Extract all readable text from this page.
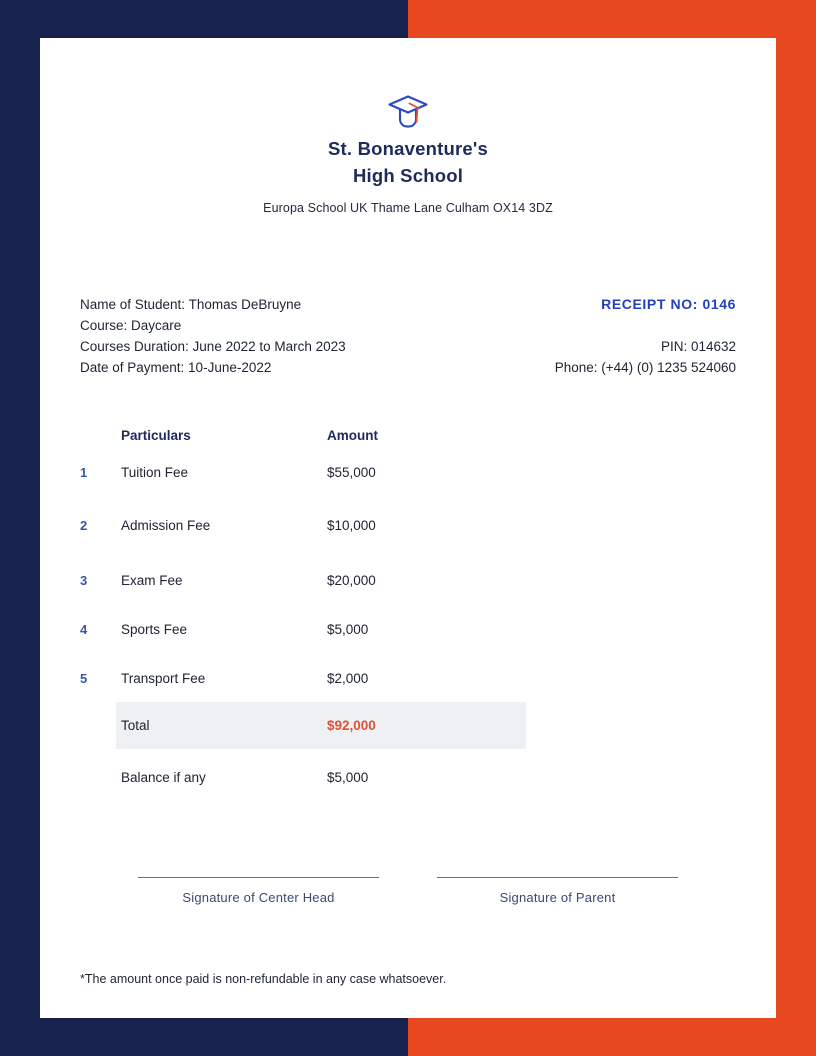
St. Bonaventure's
High School
Europa School UK Thame Lane Culham OX14 3DZ
Name of Student: Thomas DeBruyne
Course: Daycare
Courses Duration: June 2022 to March 2023
Date of Payment: 10-June-2022
RECEIPT NO: 0146
PIN: 014632
Phone: (+44) (0) 1235 524060
Particulars	Amount
1	Tuition Fee	$55,000
2	Admission Fee	$10,000
3	Exam Fee	$20,000
4	Sports Fee	$5,000
5	Transport Fee	$2,000
Total	$92,000
Balance if any	$5,000
Signature of Center Head	Signature of Parent
*The amount once paid is non-refundable in any case whatsoever.
